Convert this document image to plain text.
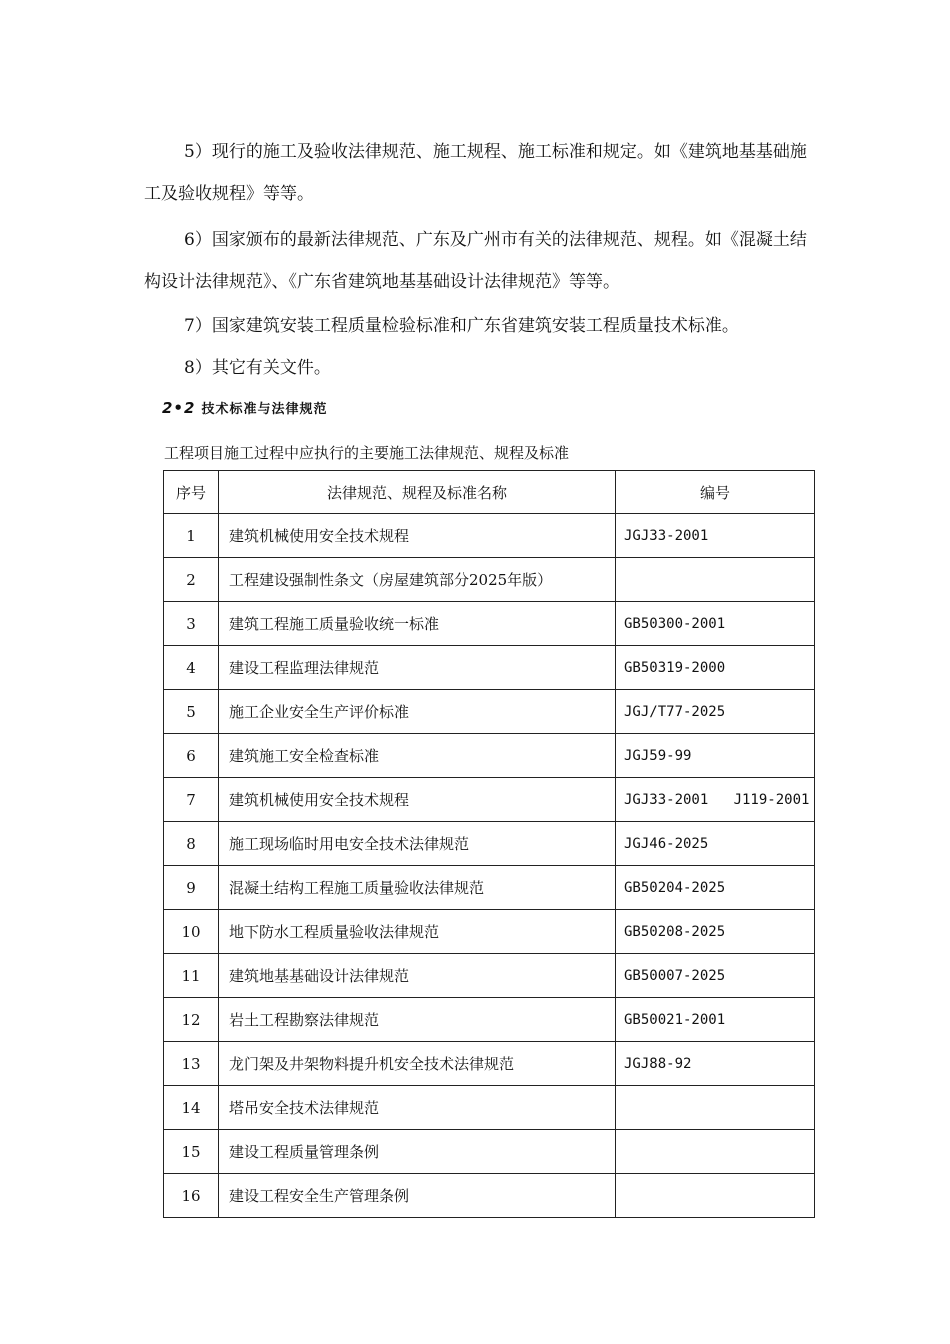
5）现行的施工及验收法律规范、施工规程、施工标准和规定。如《建筑地基基础施工及验收规程》等等。

6）国家颁布的最新法律规范、广东及广州市有关的法律规范、规程。如《混凝土结构设计法律规范》、《广东省建筑地基基础设计法律规范》等等。

7）国家建筑安装工程质量检验标准和广东省建筑安装工程质量技术标准。

8）其它有关文件。

2•2 技术标准与法律规范
工程项目施工过程中应执行的主要施工法律规范、规程及标准
序号	法律规范、规程及标准名称	编号
1	建筑机械使用安全技术规程	JGJ33-2001
2	工程建设强制性条文（房屋建筑部分2025年版）	
3	建筑工程施工质量验收统一标准	GB50300-2001
4	建设工程监理法律规范	GB50319-2000
5	施工企业安全生产评价标准	JGJ/T77-2025
6	建筑施工安全检查标准	JGJ59-99
7	建筑机械使用安全技术规程	JGJ33-2001   J119-2001
8	施工现场临时用电安全技术法律规范	JGJ46-2025
9	混凝土结构工程施工质量验收法律规范	GB50204-2025
10	地下防水工程质量验收法律规范	GB50208-2025
11	建筑地基基础设计法律规范	GB50007-2025
12	岩土工程勘察法律规范	GB50021-2001
13	龙门架及井架物料提升机安全技术法律规范	JGJ88-92
14	塔吊安全技术法律规范	
15	建设工程质量管理条例	
16	建设工程安全生产管理条例	
